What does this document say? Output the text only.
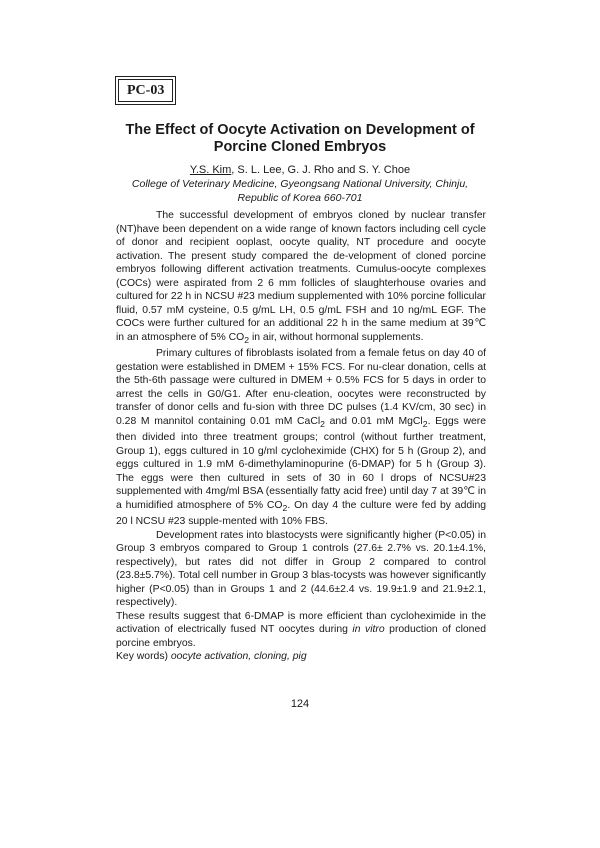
PC-03
The Effect of Oocyte Activation on Development of
Porcine Cloned Embryos
Y.S. Kim, S. L. Lee, G. J. Rho and S. Y. Choe
College of Veterinary Medicine, Gyeongsang National University, Chinju,
Republic of Korea 660-701

The successful development of embryos cloned by nuclear transfer (NT)have been dependent on a wide range of known factors including cell cycle of donor and recipient ooplast, oocyte quality, NT procedure and oocyte activation. The present study compared the de-velopment of cloned porcine embryos following different activation treatments. Cumulus-oocyte complexes (COCs) were aspirated from 2 6 mm follicles of slaughterhouse ovaries and cultured for 22 h in NCSU #23 medium supplemented with 10% porcine follicular fluid, 0.57 mM cysteine, 0.5 g/mL LH, 0.5 g/mL FSH and 10 ng/mL EGF. The COCs were further cultured for an additional 22 h in the same medium at 39℃ in an atmosphere of 5% $CO_2$ in air, without hormonal supplements.

Primary cultures of fibroblasts isolated from a female fetus on day 40 of gestation were established in DMEM + 15% FCS. For nu-clear donation, cells at the 5th-6th passage were cultured in DMEM + 0.5% FCS for 5 days in order to arrest the cells in G0/G1. After enu-cleation, oocytes were reconstructed by transfer of donor cells and fu-sion with three DC pulses (1.4 KV/cm, 30 sec) in 0.28 M mannitol containing 0.01 mM CaCl$_2$ and 0.01 mM MgCl$_2$. Eggs were then divided into three treatment groups; control (without further treatment, Group 1), eggs cultured in 10 g/ml cycloheximide (CHX) for 5 h (Group 2), and eggs cultured in 1.9 mM 6-dimethylaminopurine (6-DMAP) for 5 h (Group 3). The eggs were then cultured in sets of 30 in 60 l drops of NCSU#23 supplemented with 4mg/ml BSA (essentially fatty acid free) until day 7 at 39℃ in a humidified atmosphere of 5% $CO_2$. On day 4 the culture were fed by adding 20 l NCSU #23 supple-mented with 10% FBS.

Development rates into blastocysts were significantly higher (P<0.05) in Group 3 embryos compared to Group 1 controls (27.6± 2.7% vs. 20.1±4.1%, respectively), but rates did not differ in Group 2 compared to control (23.8±5.7%). Total cell number in Group 3 blas-tocysts was however significantly higher (P<0.05) than in Groups 1 and 2 (44.6±2.4 vs. 19.9±1.9 and 21.9±2.1, respectively).

These results suggest that 6-DMAP is more efficient than cycloheximide in the activation of electrically fused NT oocytes during in vitro production of cloned porcine embryos.

Key words) oocyte activation, cloning, pig
124
